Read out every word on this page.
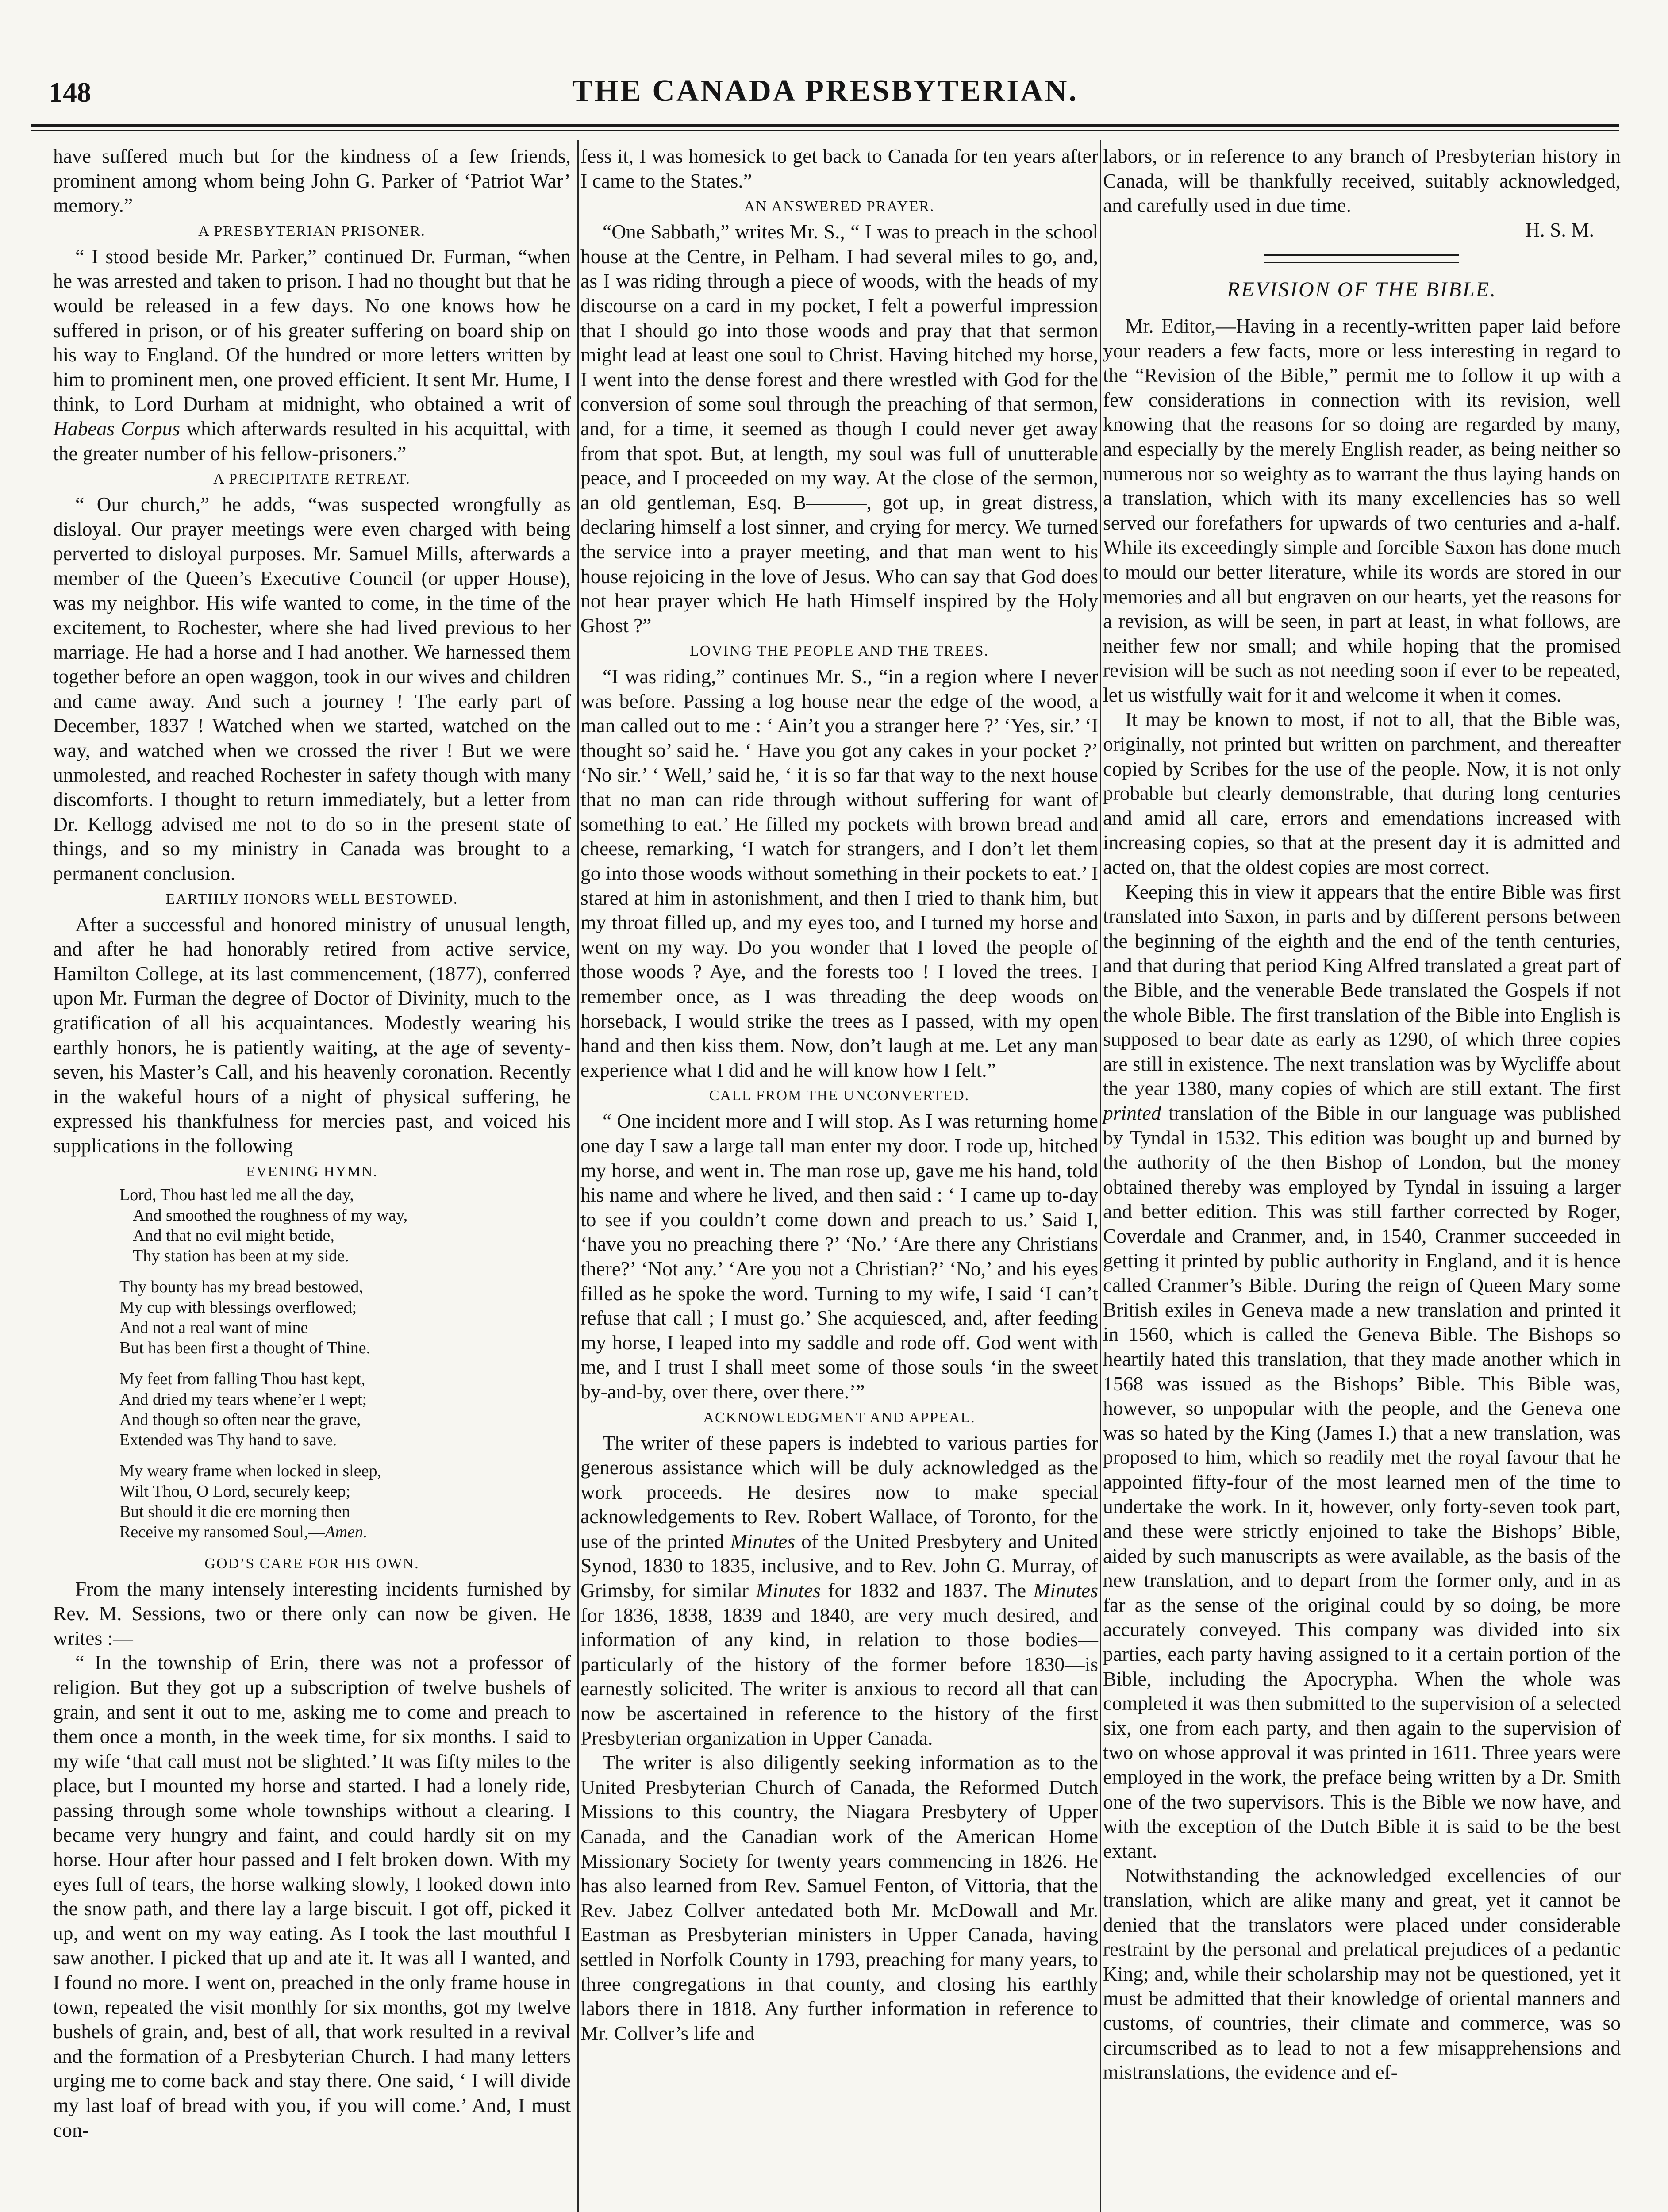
148	THE CANADA PRESBYTERIAN.

have suffered much but for the kindness of a few friends, prominent among whom being John G. Parker of ‘Patriot War’ memory.”

A PRESBYTERIAN PRISONER.

“ I stood beside Mr. Parker,” continued Dr. Furman, “when he was arrested and taken to prison. I had no thought but that he would be released in a few days. No one knows how he suffered in prison, or of his greater suffering on board ship on his way to England. Of the hundred or more letters written by him to prominent men, one proved efficient. It sent Mr. Hume, I think, to Lord Durham at midnight, who obtained a writ of Habeas Corpus which afterwards resulted in his acquittal, with the greater number of his fellow-prisoners.”

A PRECIPITATE RETREAT.

“ Our church,” he adds, “was suspected wrongfully as disloyal. Our prayer meetings were even charged with being perverted to disloyal purposes. Mr. Samuel Mills, afterwards a member of the Queen’s Executive Council (or upper House), was my neighbor. His wife wanted to come, in the time of the excitement, to Rochester, where she had lived previous to her marriage. He had a horse and I had another. We harnessed them together before an open waggon, took in our wives and children and came away. And such a journey ! The early part of December, 1837 ! Watched when we started, watched on the way, and watched when we crossed the river ! But we were unmolested, and reached Rochester in safety though with many discomforts. I thought to return immediately, but a letter from Dr. Kellogg advised me not to do so in the present state of things, and so my ministry in Canada was brought to a permanent conclusion.

EARTHLY HONORS WELL BESTOWED.

After a successful and honored ministry of unusual length, and after he had honorably retired from active service, Hamilton College, at its last commencement, (1877), conferred upon Mr. Furman the degree of Doctor of Divinity, much to the gratification of all his acquaintances. Modestly wearing his earthly honors, he is patiently waiting, at the age of seventy-seven, his Master’s Call, and his heavenly coronation. Recently in the wakeful hours of a night of physical suffering, he expressed his thankfulness for mercies past, and voiced his supplications in the following

EVENING HYMN.
Lord, Thou hast led me all the day,
And smoothed the roughness of my way,
And that no evil might betide,
Thy station has been at my side.
Thy bounty has my bread bestowed,
My cup with blessings overflowed;
And not a real want of mine
But has been first a thought of Thine.
My feet from falling Thou hast kept,
And dried my tears whene’er I wept;
And though so often near the grave,
Extended was Thy hand to save.
My weary frame when locked in sleep,
Wilt Thou, O Lord, securely keep;
But should it die ere morning then
Receive my ransomed Soul,—Amen.
GOD’S CARE FOR HIS OWN.

From the many intensely interesting incidents furnished by Rev. M. Sessions, two or there only can now be given. He writes :—

“ In the township of Erin, there was not a professor of religion. But they got up a subscription of twelve bushels of grain, and sent it out to me, asking me to come and preach to them once a month, in the week time, for six months. I said to my wife ‘that call must not be slighted.’ It was fifty miles to the place, but I mounted my horse and started. I had a lonely ride, passing through some whole townships without a clearing. I became very hungry and faint, and could hardly sit on my horse. Hour after hour passed and I felt broken down. With my eyes full of tears, the horse walking slowly, I looked down into the snow path, and there lay a large biscuit. I got off, picked it up, and went on my way eating. As I took the last mouthful I saw another. I picked that up and ate it. It was all I wanted, and I found no more. I went on, preached in the only frame house in town, repeated the visit monthly for six months, got my twelve bushels of grain, and, best of all, that work resulted in a revival and the formation of a Presbyterian Church. I had many letters urging me to come back and stay there. One said, ‘ I will divide my last loaf of bread with you, if you will come.’ And, I must con-

fess it, I was homesick to get back to Canada for ten years after I came to the States.”

AN ANSWERED PRAYER.

“One Sabbath,” writes Mr. S., “ I was to preach in the school house at the Centre, in Pelham. I had several miles to go, and, as I was riding through a piece of woods, with the heads of my discourse on a card in my pocket, I felt a powerful impression that I should go into those woods and pray that that sermon might lead at least one soul to Christ. Having hitched my horse, I went into the dense forest and there wrestled with God for the conversion of some soul through the preaching of that sermon, and, for a time, it seemed as though I could never get away from that spot. But, at length, my soul was full of unutterable peace, and I proceeded on my way. At the close of the sermon, an old gentleman, Esq. B———, got up, in great distress, declaring himself a lost sinner, and crying for mercy. We turned the service into a prayer meeting, and that man went to his house rejoicing in the love of Jesus. Who can say that God does not hear prayer which He hath Himself inspired by the Holy Ghost ?”

LOVING THE PEOPLE AND THE TREES.

“I was riding,” continues Mr. S., “in a region where I never was before. Passing a log house near the edge of the wood, a man called out to me : ‘ Ain’t you a stranger here ?’ ‘Yes, sir.’ ‘I thought so’ said he. ‘ Have you got any cakes in your pocket ?’ ‘No sir.’ ‘ Well,’ said he, ‘ it is so far that way to the next house that no man can ride through without suffering for want of something to eat.’ He filled my pockets with brown bread and cheese, remarking, ‘I watch for strangers, and I don’t let them go into those woods without something in their pockets to eat.’ I stared at him in astonishment, and then I tried to thank him, but my throat filled up, and my eyes too, and I turned my horse and went on my way. Do you wonder that I loved the people of those woods ? Aye, and the forests too ! I loved the trees. I remember once, as I was threading the deep woods on horseback, I would strike the trees as I passed, with my open hand and then kiss them. Now, don’t laugh at me. Let any man experience what I did and he will know how I felt.”

CALL FROM THE UNCONVERTED.

“ One incident more and I will stop. As I was returning home one day I saw a large tall man enter my door. I rode up, hitched my horse, and went in. The man rose up, gave me his hand, told his name and where he lived, and then said : ‘ I came up to-day to see if you couldn’t come down and preach to us.’ Said I, ‘have you no preaching there ?’ ‘No.’ ‘Are there any Christians there?’ ‘Not any.’ ‘Are you not a Christian?’ ‘No,’ and his eyes filled as he spoke the word. Turning to my wife, I said ‘I can’t refuse that call ; I must go.’ She acquiesced, and, after feeding my horse, I leaped into my saddle and rode off. God went with me, and I trust I shall meet some of those souls ‘in the sweet by-and-by, over there, over there.’”

ACKNOWLEDGMENT AND APPEAL.

The writer of these papers is indebted to various parties for generous assistance which will be duly acknowledged as the work proceeds. He desires now to make special acknowledgements to Rev. Robert Wallace, of Toronto, for the use of the printed Minutes of the United Presbytery and United Synod, 1830 to 1835, inclusive, and to Rev. John G. Murray, of Grimsby, for similar Minutes for 1832 and 1837. The Minutes for 1836, 1838, 1839 and 1840, are very much desired, and information of any kind, in relation to those bodies—particularly of the history of the former before 1830—is earnestly solicited. The writer is anxious to record all that can now be ascertained in reference to the history of the first Presbyterian organization in Upper Canada.

The writer is also diligently seeking information as to the United Presbyterian Church of Canada, the Reformed Dutch Missions to this country, the Niagara Presbytery of Upper Canada, and the Canadian work of the American Home Missionary Society for twenty years commencing in 1826. He has also learned from Rev. Samuel Fenton, of Vittoria, that the Rev. Jabez Collver antedated both Mr. McDowall and Mr. Eastman as Presbyterian ministers in Upper Canada, having settled in Norfolk County in 1793, preaching for many years, to three congregations in that county, and closing his earthly labors there in 1818. Any further information in reference to Mr. Collver’s life and

labors, or in reference to any branch of Presbyterian history in Canada, will be thankfully received, suitably acknowledged, and carefully used in due time.

H. S. M.

REVISION OF THE BIBLE.

Mr. Editor,—Having in a recently-written paper laid before your readers a few facts, more or less interesting in regard to the “Revision of the Bible,” permit me to follow it up with a few considerations in connection with its revision, well knowing that the reasons for so doing are regarded by many, and especially by the merely English reader, as being neither so numerous nor so weighty as to warrant the thus laying hands on a translation, which with its many excellencies has so well served our forefathers for upwards of two centuries and a-half. While its exceedingly simple and forcible Saxon has done much to mould our better literature, while its words are stored in our memories and all but engraven on our hearts, yet the reasons for a revision, as will be seen, in part at least, in what follows, are neither few nor small; and while hoping that the promised revision will be such as not needing soon if ever to be repeated, let us wistfully wait for it and welcome it when it comes.

It may be known to most, if not to all, that the Bible was, originally, not printed but written on parchment, and thereafter copied by Scribes for the use of the people. Now, it is not only probable but clearly demonstrable, that during long centuries and amid all care, errors and emendations increased with increasing copies, so that at the present day it is admitted and acted on, that the oldest copies are most correct.

Keeping this in view it appears that the entire Bible was first translated into Saxon, in parts and by different persons between the beginning of the eighth and the end of the tenth centuries, and that during that period King Alfred translated a great part of the Bible, and the venerable Bede translated the Gospels if not the whole Bible. The first translation of the Bible into English is supposed to bear date as early as 1290, of which three copies are still in existence. The next translation was by Wycliffe about the year 1380, many copies of which are still extant. The first printed translation of the Bible in our language was published by Tyndal in 1532. This edition was bought up and burned by the authority of the then Bishop of London, but the money obtained thereby was employed by Tyndal in issuing a larger and better edition. This was still farther corrected by Roger, Coverdale and Cranmer, and, in 1540, Cranmer succeeded in getting it printed by public authority in England, and it is hence called Cranmer’s Bible. During the reign of Queen Mary some British exiles in Geneva made a new translation and printed it in 1560, which is called the Geneva Bible. The Bishops so heartily hated this translation, that they made another which in 1568 was issued as the Bishops’ Bible. This Bible was, however, so unpopular with the people, and the Geneva one was so hated by the King (James I.) that a new translation, was proposed to him, which so readily met the royal favour that he appointed fifty-four of the most learned men of the time to undertake the work. In it, however, only forty-seven took part, and these were strictly enjoined to take the Bishops’ Bible, aided by such manuscripts as were available, as the basis of the new translation, and to depart from the former only, and in as far as the sense of the original could by so doing, be more accurately conveyed. This company was divided into six parties, each party having assigned to it a certain portion of the Bible, including the Apocrypha. When the whole was completed it was then submitted to the supervision of a selected six, one from each party, and then again to the supervision of two on whose approval it was printed in 1611. Three years were employed in the work, the preface being written by a Dr. Smith one of the two supervisors. This is the Bible we now have, and with the exception of the Dutch Bible it is said to be the best extant.

Notwithstanding the acknowledged excellencies of our translation, which are alike many and great, yet it cannot be denied that the translators were placed under considerable restraint by the personal and prelatical prejudices of a pedantic King; and, while their scholarship may not be questioned, yet it must be admitted that their knowledge of oriental manners and customs, of countries, their climate and commerce, was so circumscribed as to lead to not a few misapprehensions and mistranslations, the evidence and ef-
